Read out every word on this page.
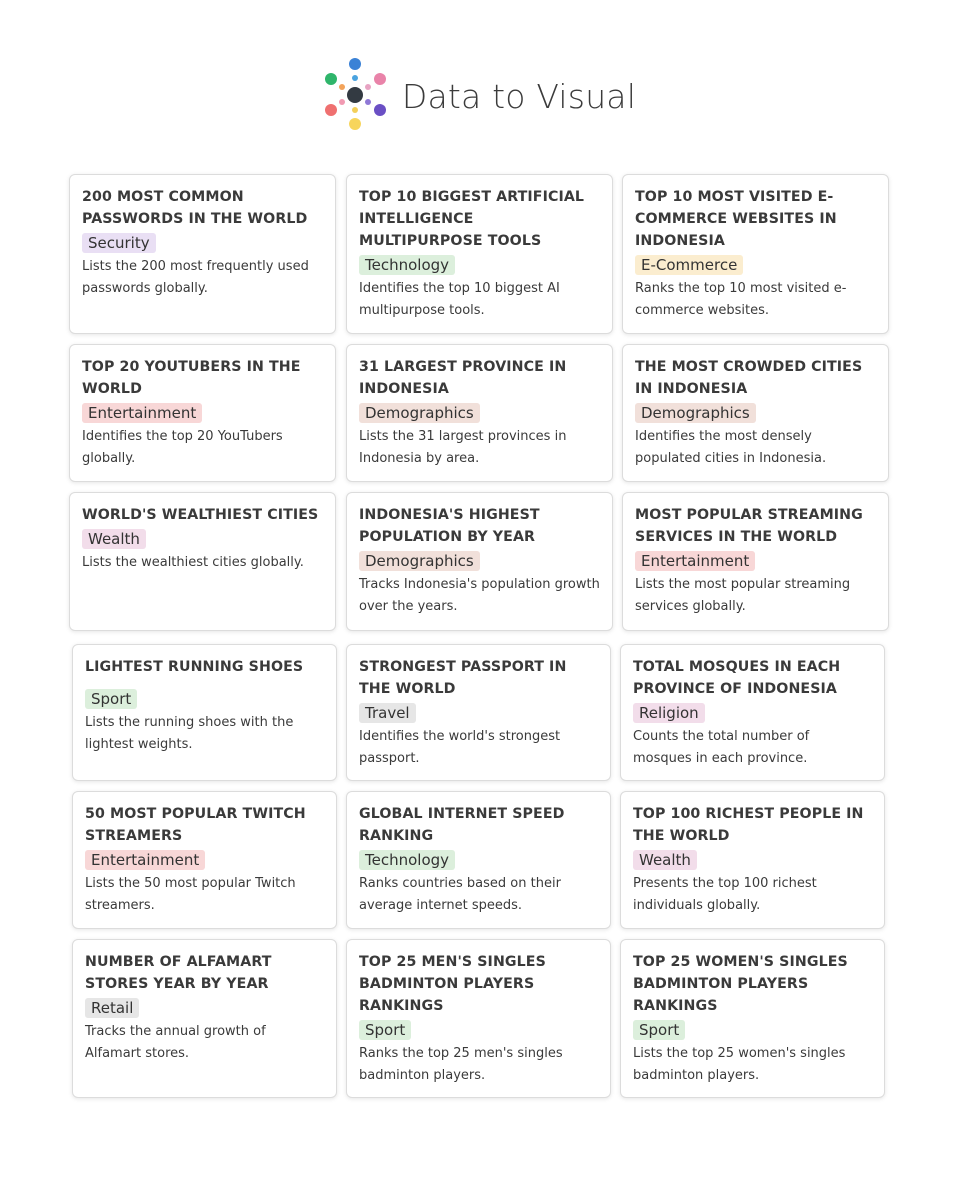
Data to Visual
200 MOST COMMON PASSWORDS IN THE WORLD
Security
Lists the 200 most frequently used passwords globally.
TOP 10 BIGGEST ARTIFICIAL INTELLIGENCE MULTIPURPOSE TOOLS
Technology
Identifies the top 10 biggest AI multipurpose tools.
TOP 10 MOST VISITED E-COMMERCE WEBSITES IN INDONESIA
E-Commerce
Ranks the top 10 most visited e-commerce websites.
TOP 20 YOUTUBERS IN THE WORLD
Entertainment
Identifies the top 20 YouTubers globally.
31 LARGEST PROVINCE IN INDONESIA
Demographics
Lists the 31 largest provinces in Indonesia by area.
THE MOST CROWDED CITIES IN INDONESIA
Demographics
Identifies the most densely populated cities in Indonesia.
WORLD'S WEALTHIEST CITIES
Wealth
Lists the wealthiest cities globally.
INDONESIA'S HIGHEST POPULATION BY YEAR
Demographics
Tracks Indonesia's population growth over the years.
MOST POPULAR STREAMING SERVICES IN THE WORLD
Entertainment
Lists the most popular streaming services globally.
LIGHTEST RUNNING SHOES
Sport
Lists the running shoes with the lightest weights.
STRONGEST PASSPORT IN THE WORLD
Travel
Identifies the world's strongest passport.
TOTAL MOSQUES IN EACH PROVINCE OF INDONESIA
Religion
Counts the total number of mosques in each province.
50 MOST POPULAR TWITCH STREAMERS
Entertainment
Lists the 50 most popular Twitch streamers.
GLOBAL INTERNET SPEED RANKING
Technology
Ranks countries based on their average internet speeds.
TOP 100 RICHEST PEOPLE IN THE WORLD
Wealth
Presents the top 100 richest individuals globally.
NUMBER OF ALFAMART STORES YEAR BY YEAR
Retail
Tracks the annual growth of Alfamart stores.
TOP 25 MEN'S SINGLES BADMINTON PLAYERS RANKINGS
Sport
Ranks the top 25 men's singles badminton players.
TOP 25 WOMEN'S SINGLES BADMINTON PLAYERS RANKINGS
Sport
Lists the top 25 women's singles badminton players.
